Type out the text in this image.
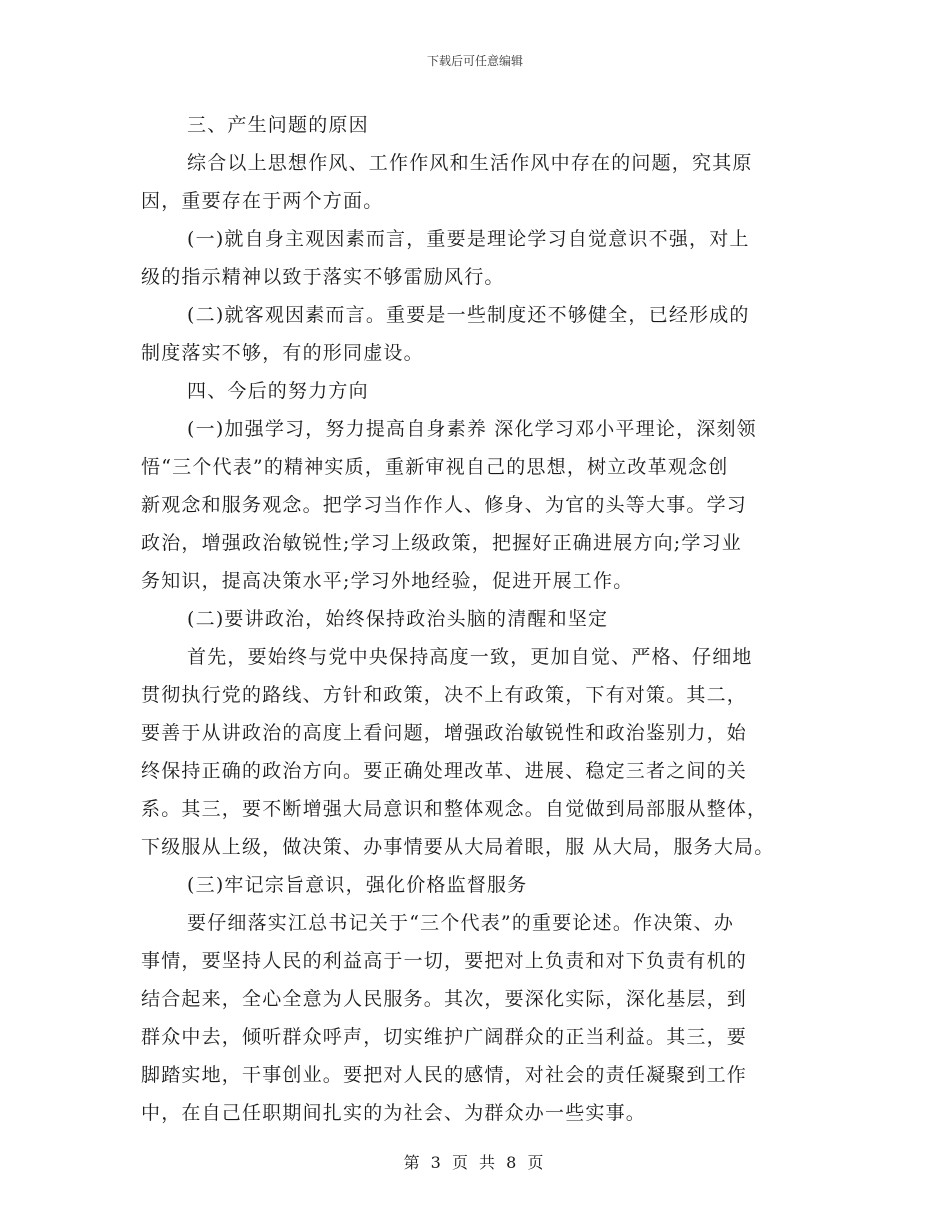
下载后可任意编辑
三、产生问题的原因
综合以上思想作风、工作作风和生活作风中存在的问题，究其原
因，重要存在于两个方面。
(一)就自身主观因素而言，重要是理论学习自觉意识不强，对上
级的指示精神以致于落实不够雷励风行。
(二)就客观因素而言。重要是一些制度还不够健全，已经形成的
制度落实不够，有的形同虚设。
四、今后的努力方向
(一)加强学习，努力提高自身素养 深化学习邓小平理论，深刻领
悟“三个代表”的精神实质，重新审视自己的思想，树立改革观念创
新观念和服务观念。把学习当作作人、修身、为官的头等大事。学习
政治，增强政治敏锐性;学习上级政策，把握好正确进展方向;学习业
务知识，提高决策水平;学习外地经验，促进开展工作。
(二)要讲政治，始终保持政治头脑的清醒和坚定
首先，要始终与党中央保持高度一致，更加自觉、严格、仔细地
贯彻执行党的路线、方针和政策，决不上有政策，下有对策。其二，
要善于从讲政治的高度上看问题，增强政治敏锐性和政治鉴别力，始
终保持正确的政治方向。要正确处理改革、进展、稳定三者之间的关
系。其三，要不断增强大局意识和整体观念。自觉做到局部服从整体，
下级服从上级，做决策、办事情要从大局着眼，服 从大局，服务大局。
(三)牢记宗旨意识，强化价格监督服务
要仔细落实江总书记关于“三个代表”的重要论述。作决策、办
事情，要坚持人民的利益高于一切，要把对上负责和对下负责有机的
结合起来，全心全意为人民服务。其次，要深化实际，深化基层，到
群众中去，倾听群众呼声，切实维护广阔群众的正当利益。其三，要
脚踏实地，干事创业。要把对人民的感情，对社会的责任凝聚到工作
中，在自己任职期间扎实的为社会、为群众办一些实事。
第 3 页 共 8 页
